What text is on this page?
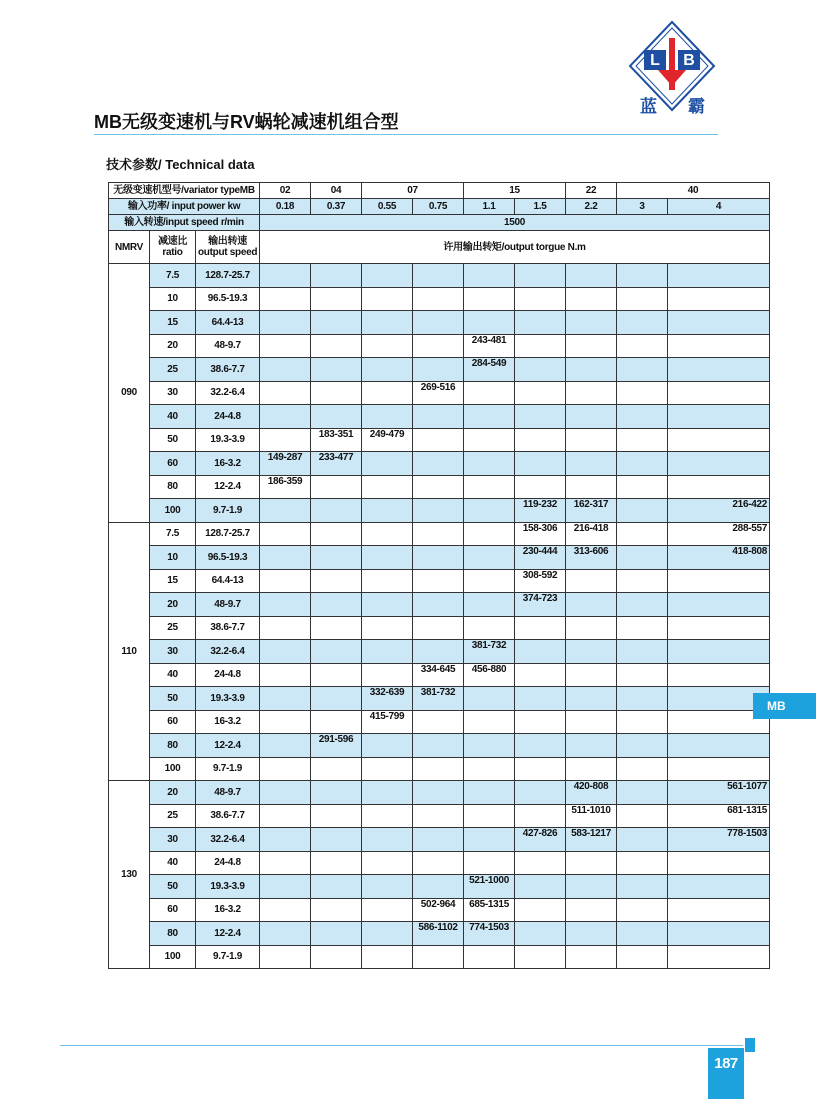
L B
蓝 霸
MB无级变速机与RV蜗轮减速机组合型
技术参数/ Technical data
无级变速机型号/variator typeMB			02	04	07		15		22	40	
输入功率/ input power kw			0.18	0.37	0.55	0.75	1.1	1.5	2.2	3	4
输入转速/input speed r/min			1500								
NMRV	减速比
ratio	输出转速
output speed	许用输出转矩/output torgue N.m								
090	7.5	128.7-25.7									
	10	96.5-19.3									
	15	64.4-13									
	20	48-9.7					243-481				
	25	38.6-7.7					284-549				
	30	32.2-6.4				269-516					
	40	24-4.8									
	50	19.3-3.9		183-351	249-479						
	60	16-3.2	149-287	233-477							
	80	12-2.4	186-359								
	100	9.7-1.9						119-232	162-317		216-422
110	7.5	128.7-25.7						158-306	216-418		288-557
	10	96.5-19.3						230-444	313-606		418-808
	15	64.4-13						308-592			
	20	48-9.7						374-723			
	25	38.6-7.7									
	30	32.2-6.4					381-732				
	40	24-4.8				334-645	456-880				
	50	19.3-3.9			332-639	381-732					
	60	16-3.2			415-799						
	80	12-2.4		291-596							
	100	9.7-1.9									
130	20	48-9.7							420-808		561-1077
	25	38.6-7.7							511-1010		681-1315
	30	32.2-6.4						427-826	583-1217		778-1503
	40	24-4.8									
	50	19.3-3.9					521-1000				
	60	16-3.2				502-964	685-1315				
	80	12-2.4				586-1102	774-1503				
	100	9.7-1.9									
MB
187
